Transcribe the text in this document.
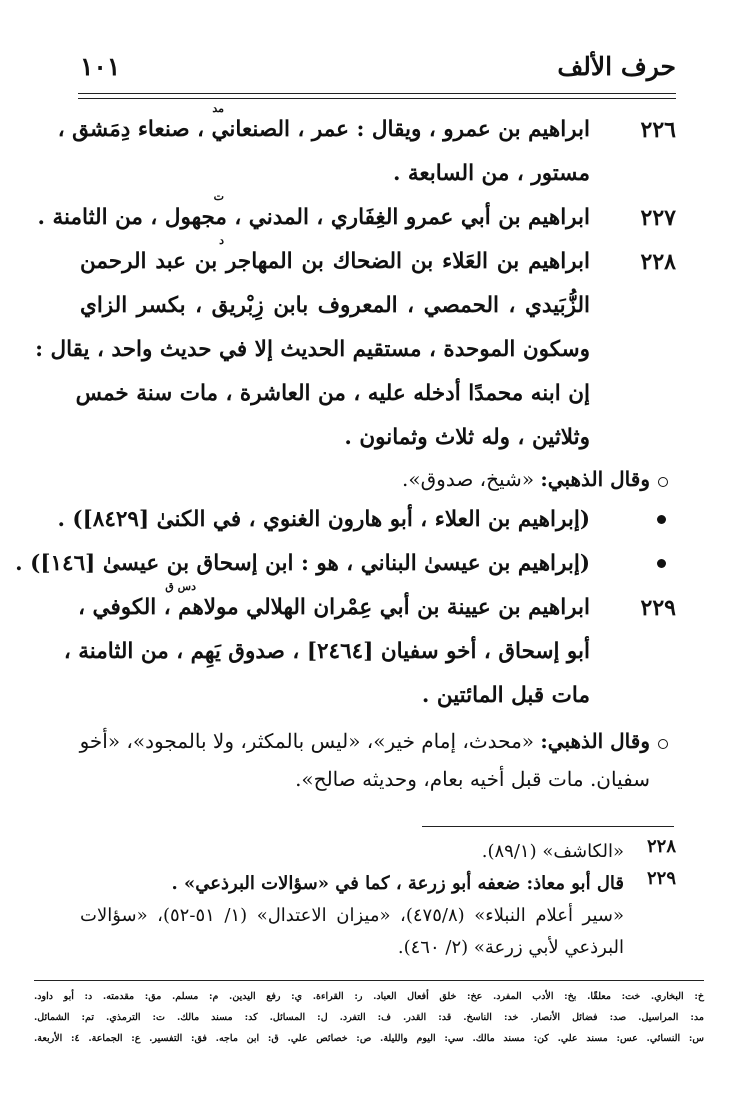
حرف الألف
١٠١
٢٢٦
مد
ابراهيم بن عمرو ، ويقال : عمر ، الصنعاني ، صنعاء دِمَشق ،
مستور ، من السابعة .
٢٢٧
ت
ابراهيم بن أبي عمرو الغِفَاري ، المدني ، مجهول ، من الثامنة .
٢٢٨
د
ابراهيم بن العَلاء بن الضحاك بن المهاجر بن عبد الرحمن
الزُّبَيدي ، الحمصي ، المعروف بابن زِبْريق ، بكسر الزاي
وسكون الموحدة ، مستقيم الحديث إلا في حديث واحد ، يقال :
إن ابنه محمدًا أدخله عليه ، من العاشرة ، مات سنة خمس
وثلاثين ، وله ثلاث وثمانون .
وقال الذهبي: «شيخ، صدوق».
(إبراهيم بن العلاء ، أبو هارون الغنوي ، في الكنىٰ [٨٤٢٩]) .
(إبراهيم بن عيسىٰ البناني ، هو : ابن إسحاق بن عيسىٰ [١٤٦]) .
٢٢٩
دس ق
ابراهيم بن عيينة بن أبي عِمْران الهلالي مولاهم ، الكوفي ،
أبو إسحاق ، أخو سفيان [٢٤٦٤] ، صدوق يَهِم ، من الثامنة ،
مات قبل المائتين .
وقال الذهبي: «محدث، إمام خير»، «ليس بالمكثر، ولا بالمجود»، «أخو
سفيان. مات قبل أخيه بعام، وحديثه صالح».
٢٢٨
«الكاشف» (٨٩/١).
٢٢٩
قال أبو معاذ: ضعفه أبو زرعة ، كما في «سؤالات البرذعي» .
«سير أعلام النبلاء» (٤٧٥/٨)، «ميزان الاعتدال» (١/ ٥١-٥٢)، «سؤالات
البرذعي لأبي زرعة» (٢/ ٤٦٠).
خ: البخاري. خت: معلقًا. بخ: الأدب المفرد. عخ: خلق أفعال العباد. ر: القراءة. ي: رفع اليدين. م: مسلم. مق: مقدمته. د: أبو داود.
مد: المراسيل. صد: فضائل الأنصار. خد: الناسخ. قد: القدر. ف: التفرد. ل: المسائل. كد: مسند مالك. ت: الترمذي. تم: الشمائل.
س: النسائي. عس: مسند علي. كن: مسند مالك. سي: اليوم والليلة. ص: خصائص علي. ق: ابن ماجه. فق: التفسير. ع: الجماعة. ٤: الأربعة.
